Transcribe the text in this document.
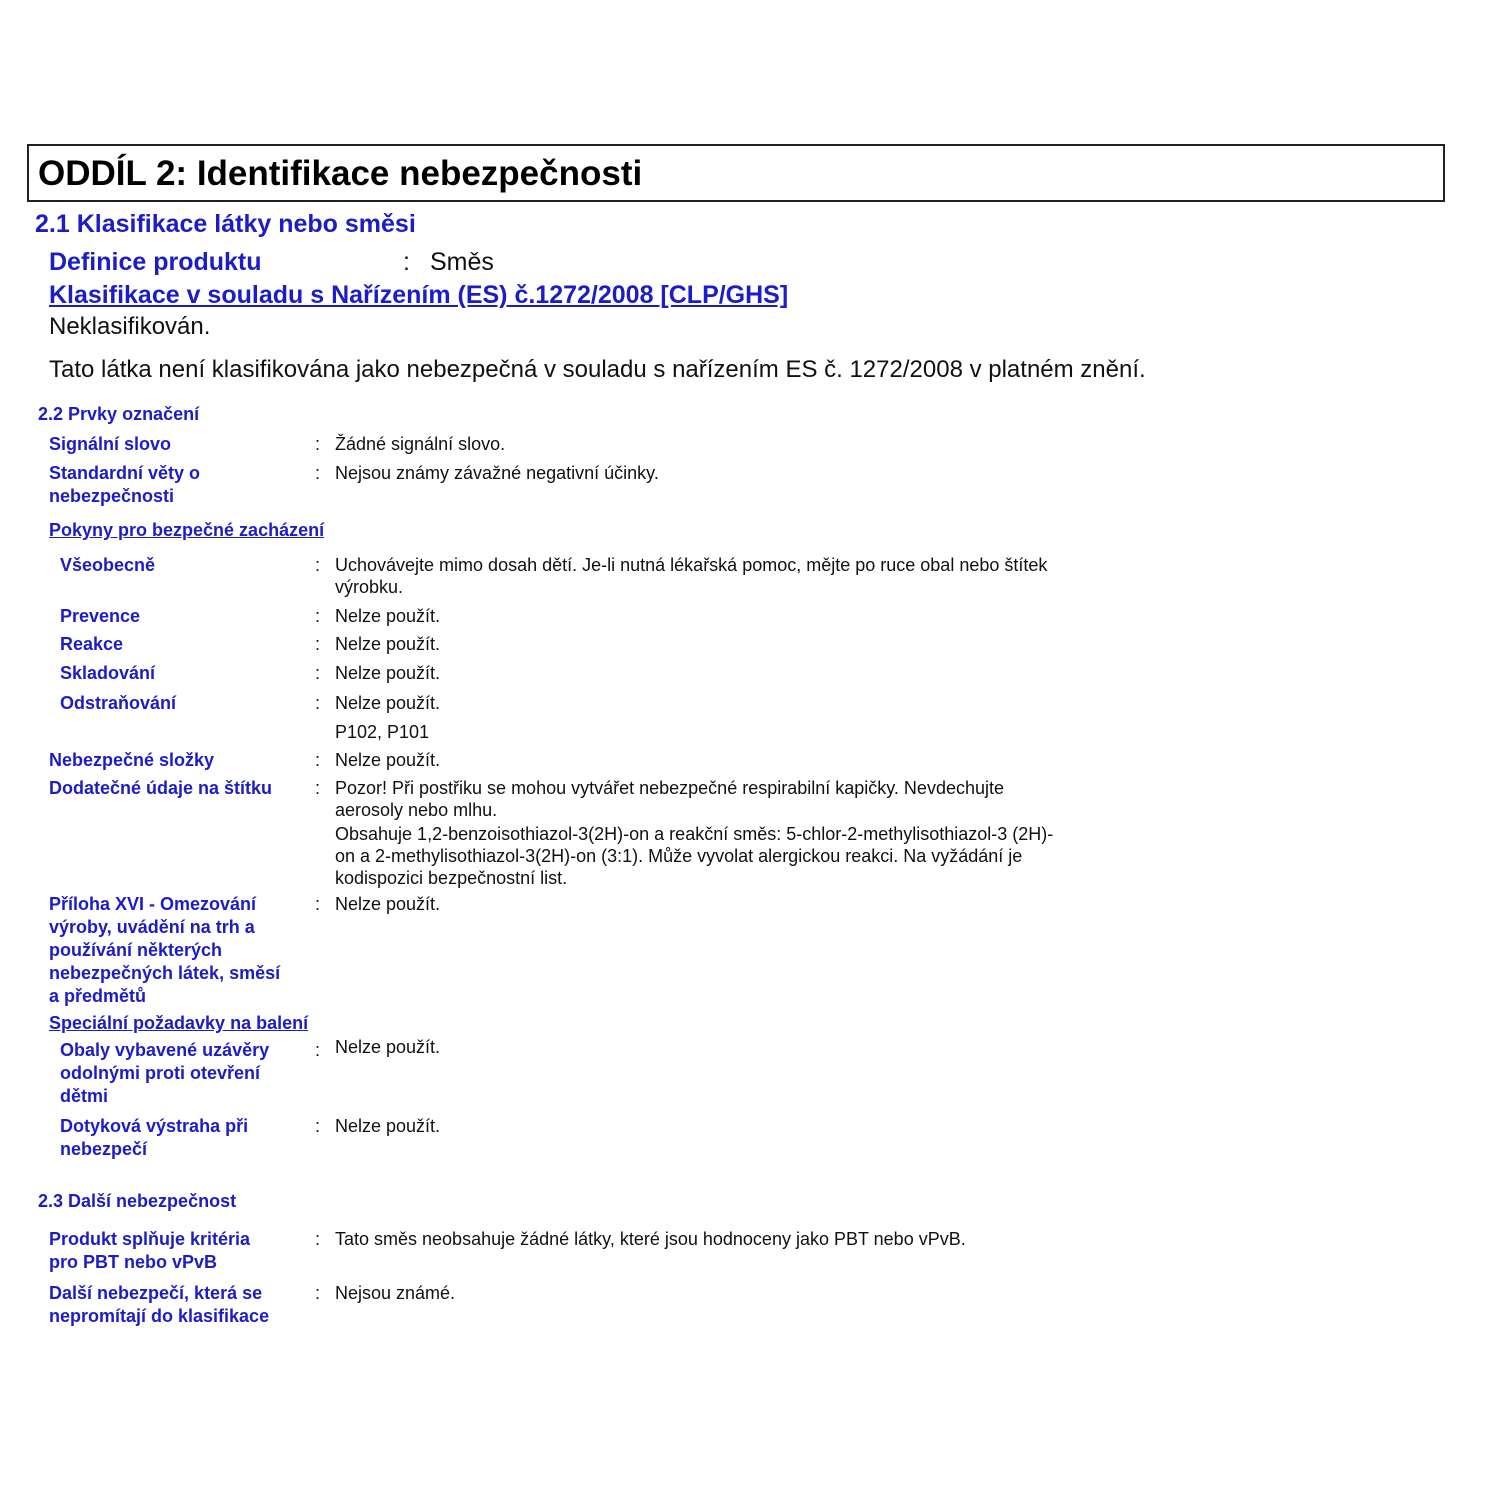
ODDÍL 2: Identifikace nebezpečnosti
2.1 Klasifikace látky nebo směsi
Definice produktu	: Směs
Klasifikace v souladu s Nařízením (ES) č.1272/2008 [CLP/GHS]
Neklasifikován.
Tato látka není klasifikována jako nebezpečná v souladu s nařízením ES č. 1272/2008 v platném znění.
2.2 Prvky označení
Signální slovo	: Žádné signální slovo.
Standardní věty o nebezpečnosti
: Nejsou známy závažné negativní účinky.
Pokyny pro bezpečné zacházení
Všeobecně	: Uchovávejte mimo dosah dětí. Je-li nutná lékařská pomoc, mějte po ruce obal nebo štítek výrobku.
Prevence	: Nelze použít.
Reakce	: Nelze použít.
Skladování	: Nelze použít.
Odstraňování	: Nelze použít.
P102, P101
Nebezpečné složky	: Nelze použít.
Dodatečné údaje na štítku	: Pozor! Při postřiku se mohou vytvářet nebezpečné respirabilní kapičky. Nevdechujte aerosoly nebo mlhu.
Obsahuje 1,2-benzoisothiazol-3(2H)-on a reakční směs: 5-chlor-2-methylisothiazol-3 (2H)-on a 2-methylisothiazol-3(2H)-on (3:1). Může vyvolat alergickou reakci. Na vyžádání je kodispozici bezpečnostní list.
Příloha XVI - Omezování výroby, uvádění na trh a používání některých nebezpečných látek, směsí a předmětů
: Nelze použít.
Speciální požadavky na balení
Obaly vybavené uzávěry odolnými proti otevření dětmi
: Nelze použít.
Dotyková výstraha při nebezpečí
: Nelze použít.
2.3 Další nebezpečnost
Produkt splňuje kritéria pro PBT nebo vPvB
: Tato směs neobsahuje žádné látky, které jsou hodnoceny jako PBT nebo vPvB.
Další nebezpečí, která se nepromítají do klasifikace
: Nejsou známé.
